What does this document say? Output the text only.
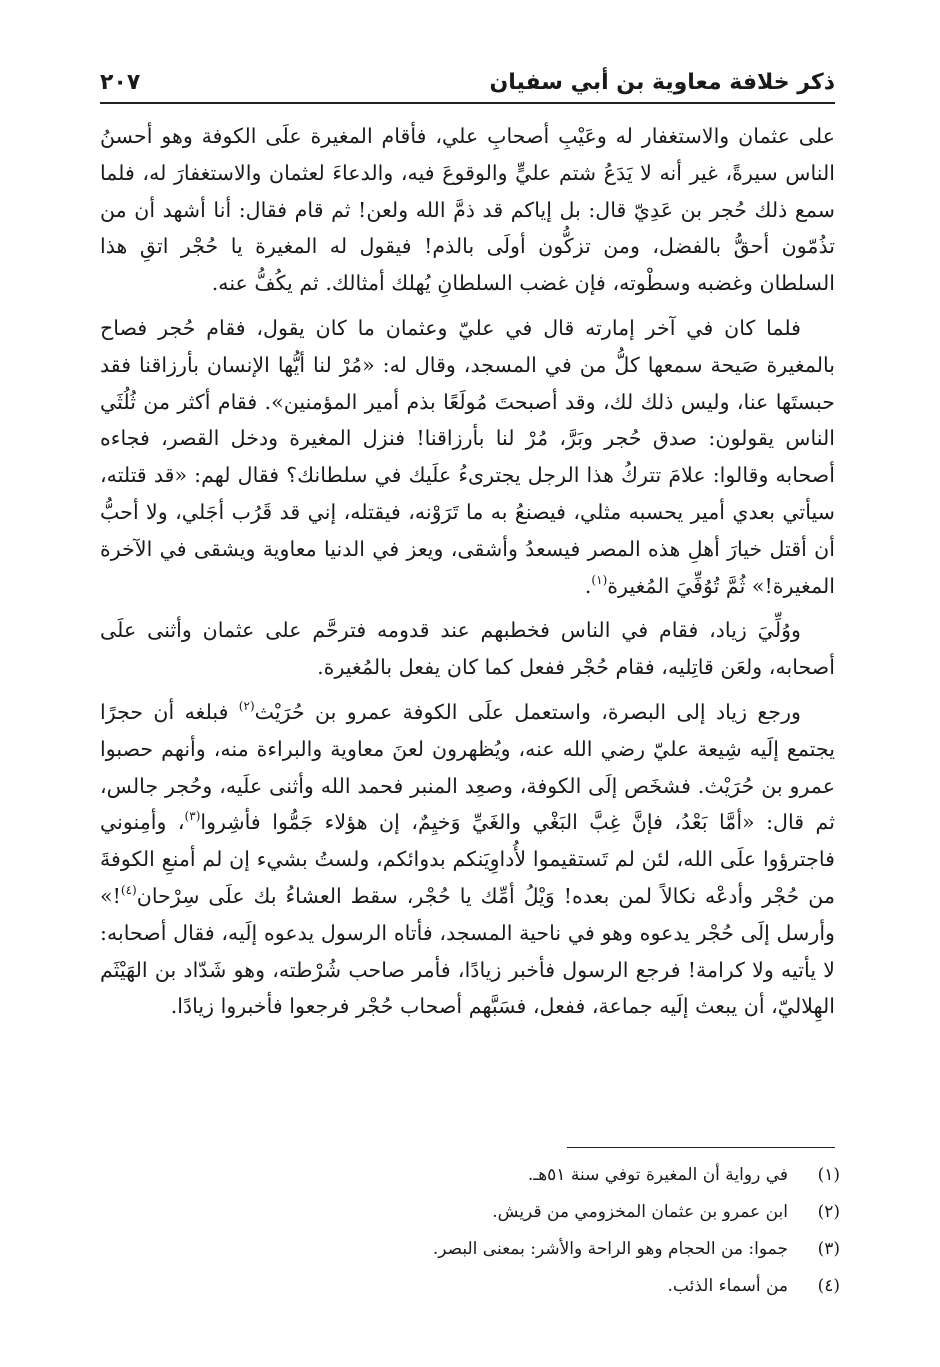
ذكر خلافة معاوية بن أبي سفيان
٢٠٧

على عثمان والاستغفار له وعَيْبِ أصحابِ علي، فأقام المغيرة علَى الكوفة وهو أحسنُ الناس سيرةً، غير أنه لا يَدَعُ شتم عليٍّ والوقوعَ فيه، والدعاءَ لعثمان والاستغفارَ له، فلما سمع ذلك حُجر بن عَدِيّ قال: بل إياكم قد ذمَّ الله ولعن! ثم قام فقال: أنا أشهد أن من تذُمّون أحقُّ بالفضل، ومن تزكُّون أولَى بالذم! فيقول له المغيرة يا حُجْر اتقِ هذا السلطان وغضبه وسطْوته، فإن غضب السلطانِ يُهلك أمثالك. ثم يكُفُّ عنه.

فلما كان في آخر إمارته قال في عليّ وعثمان ما كان يقول، فقام حُجر فصاح بالمغيرة صَيحة سمعها كلُّ من في المسجد، وقال له: «مُرْ لنا أيُّها الإنسان بأرزاقنا فقد حبستَها عنا، وليس ذلك لك، وقد أصبحتَ مُولَعًا بذم أمير المؤمنين». فقام أكثر من ثُلُثَي الناس يقولون: صدق حُجر وبَرَّ، مُرْ لنا بأرزاقنا! فنزل المغيرة ودخل القصر، فجاءه أصحابه وقالوا: علامَ تتركُ هذا الرجل يجترىءُ علَيك في سلطانك؟ فقال لهم: «قد قتلته، سيأتي بعدي أمير يحسبه مثلي، فيصنعُ به ما تَرَوْنه، فيقتله، إني قد قَرُب أجَلي، ولا أحبُّ أن أقتل خيارَ أهلِ هذه المصر فيسعدُ وأشقى، ويعز في الدنيا معاوية ويشقى في الآخرة المغيرة!» ثُمَّ تُوُفِّيَ المُغيرة$^{(١)}$.

ووُلِّيَ زياد، فقام في الناس فخطبهم عند قدومه فترحَّم على عثمان وأثنى علَى أصحابه، ولعَن قاتِليه، فقام حُجْر ففعل كما كان يفعل بالمُغيرة.

ورجع زياد إلى البصرة، واستعمل علَى الكوفة عمرو بن حُرَيْث$^{(٢)}$ فبلغه أن حجرًا يجتمع إلَيه شِيعة عليّ رضي الله عنه، ويُظهرون لعنَ معاوية والبراءة منه، وأنهم حصبوا عمرو بن حُرَيْث. فشخَص إلَى الكوفة، وصعِد المنبر فحمد الله وأثنى علَيه، وحُجر جالس، ثم قال: «أمَّا بَعْدُ، فإنَّ غِبَّ البَغْي والغَيِّ وَخيِمٌ، إن هؤلاء جَمُّوا فأشِروا$^{(٣)}$، وأمِنوني فاجترؤوا علَى الله، لئن لم تَستقيموا لأُداوِيَنكم بدوائكم، ولستُ بشيء إن لم أمنعِ الكوفةَ من حُجْر وأدعْه نكالاً لمن بعده! وَيْلُ أمِّك يا حُجْر، سقط العشاءُ بك علَى سِرْحان$^{(٤)}$!» وأرسل إلَى حُجْر يدعوه وهو في ناحية المسجد، فأتاه الرسول يدعوه إلَيه، فقال أصحابه: لا يأتيه ولا كرامة! فرجع الرسول فأخبر زيادًا، فأمر صاحب شُرْطته، وهو شَدّاد بن الهَيْثَم الهِلاليّ، أن يبعث إلَيه جماعة، ففعل، فسَبَّهم أصحاب حُجْر فرجعوا فأخبروا زيادًا.

(١)
في رواية أن المغيرة توفي سنة ٥١هـ.
(٢)
ابن عمرو بن عثمان المخزومي من قريش.
(٣)
جموا: من الحجام وهو الراحة والأشر: بمعنى البصر.
(٤)
من أسماء الذئب.
